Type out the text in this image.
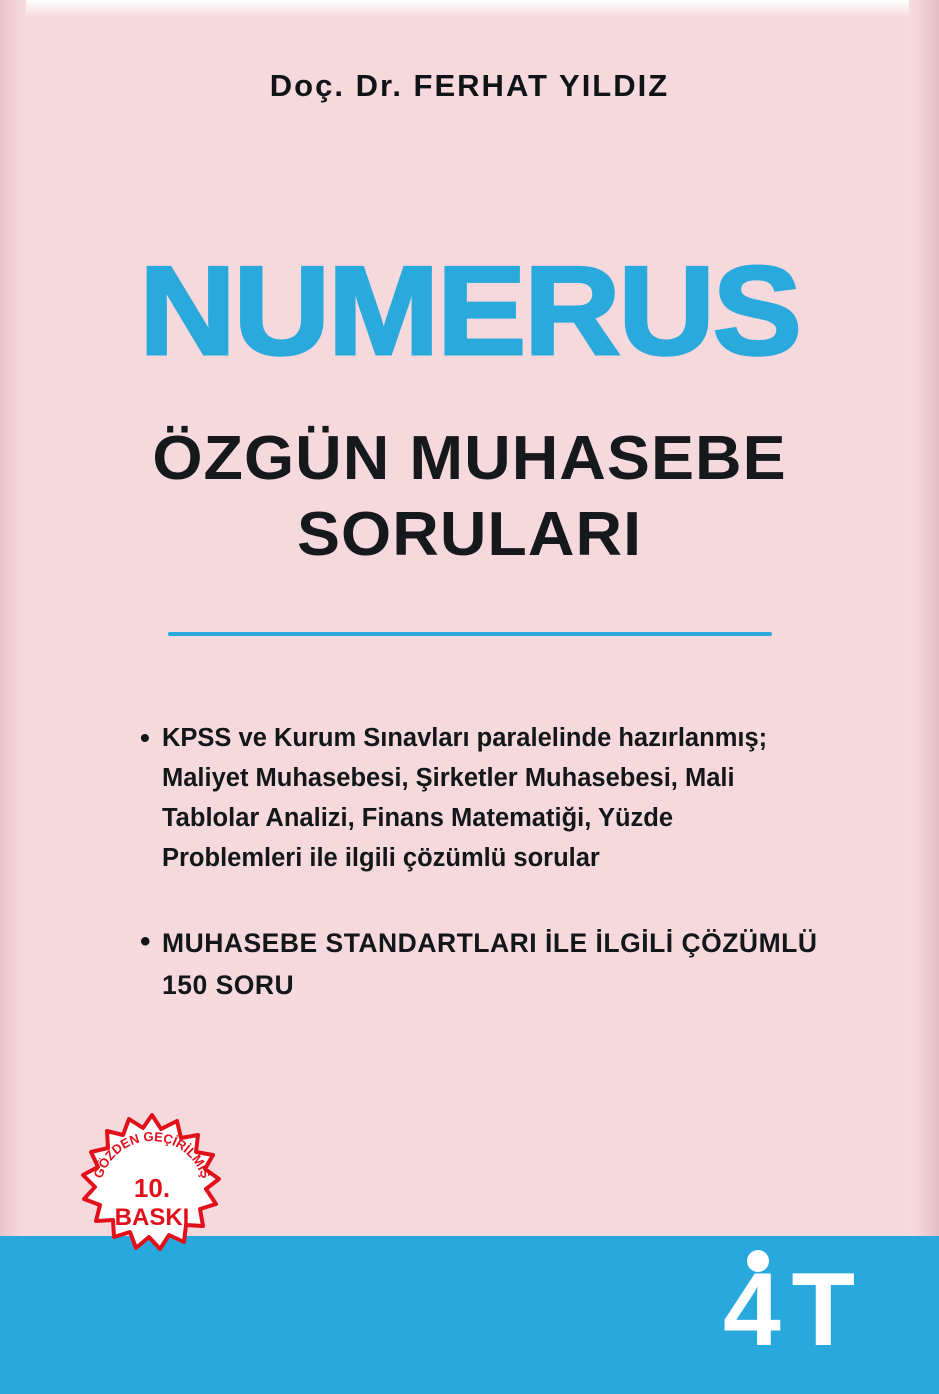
Doç. Dr. FERHAT YILDIZ
NUMERUS
ÖZGÜN MUHASEBE
SORULARI
• KPSS ve Kurum Sınavları paralelinde hazırlanmış; Maliyet Muhasebesi, Şirketler Muhasebesi, Mali Tablolar Analizi, Finans Matematiği, Yüzde Problemleri ile ilgili çözümlü sorular
• MUHASEBE STANDARTLARI İLE İLGİLİ ÇÖZÜMLÜ 150 SORU
GÖZDEN GEÇİRİLMİŞ
10.
BASKI
4 T
